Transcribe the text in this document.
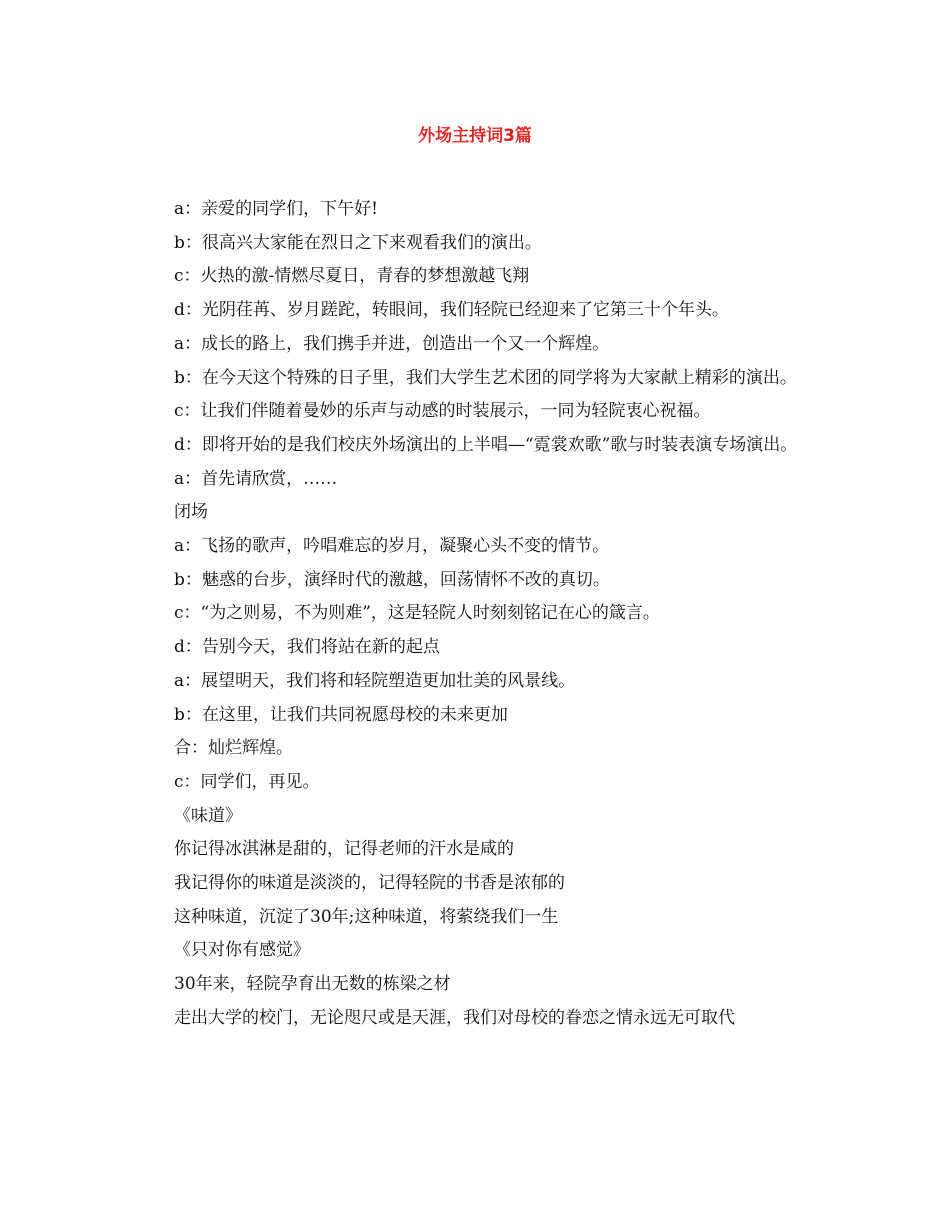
外场主持词3篇

a：亲爱的同学们，下午好!

b：很高兴大家能在烈日之下来观看我们的演出。

c：火热的激-情燃尽夏日，青春的梦想激越飞翔

d：光阴荏苒、岁月蹉跎，转眼间，我们轻院已经迎来了它第三十个年头。

a：成长的路上，我们携手并进，创造出一个又一个辉煌。

b：在今天这个特殊的日子里，我们大学生艺术团的同学将为大家献上精彩的演出。

c：让我们伴随着曼妙的乐声与动感的时装展示，一同为轻院衷心祝福。

d：即将开始的是我们校庆外场演出的上半唱—“霓裳欢歌”歌与时装表演专场演出。

a：首先请欣赏，……

闭场

a：飞扬的歌声，吟唱难忘的岁月，凝聚心头不变的情节。

b：魅惑的台步，演绎时代的激越，回荡情怀不改的真切。

c：“为之则易，不为则难”，这是轻院人时刻刻铭记在心的箴言。

d：告别今天，我们将站在新的起点

a：展望明天，我们将和轻院塑造更加壮美的风景线。

b：在这里，让我们共同祝愿母校的未来更加

合：灿烂辉煌。

c：同学们，再见。

《味道》

你记得冰淇淋是甜的，记得老师的汗水是咸的

我记得你的味道是淡淡的，记得轻院的书香是浓郁的

这种味道，沉淀了30年;这种味道，将萦绕我们一生

《只对你有感觉》

30年来，轻院孕育出无数的栋梁之材

走出大学的校门，无论咫尺或是天涯，我们对母校的眷恋之情永远无可取代
